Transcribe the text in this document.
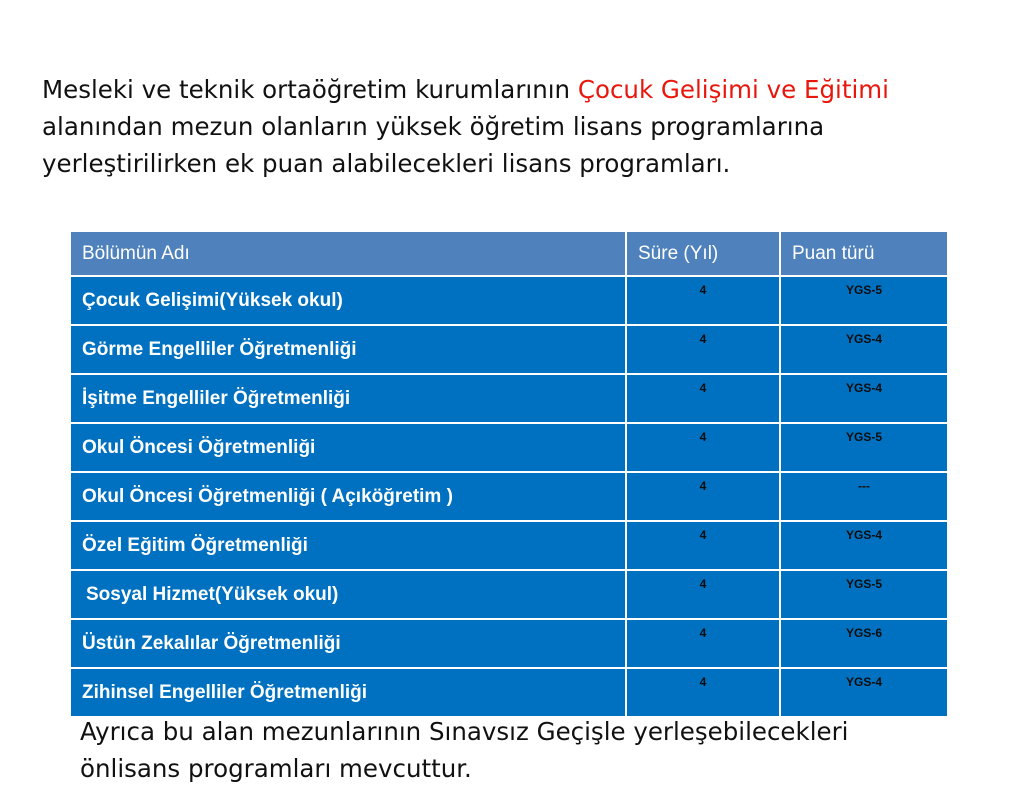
Mesleki ve teknik ortaöğretim kurumlarının Çocuk Gelişimi ve Eğitimi alanından mezun olanların yüksek öğretim lisans programlarına yerleştirilirken ek puan alabilecekleri lisans programları.

Bölümün Adı	Süre (Yıl)	Puan türü
Çocuk Gelişimi(Yüksek okul)	4	YGS-5
Görme Engelliler Öğretmenliği	4	YGS-4
İşitme Engelliler Öğretmenliği	4	YGS-4
Okul Öncesi Öğretmenliği	4	YGS-5
Okul Öncesi Öğretmenliği ( Açıköğretim )	4	---
Özel Eğitim Öğretmenliği	4	YGS-4
Sosyal Hizmet(Yüksek okul)	4	YGS-5
Üstün Zekalılar Öğretmenliği	4	YGS-6
Zihinsel Engelliler Öğretmenliği	4	YGS-4

Ayrıca bu alan mezunlarının Sınavsız Geçişle yerleşebilecekleri önlisans programları mevcuttur.
